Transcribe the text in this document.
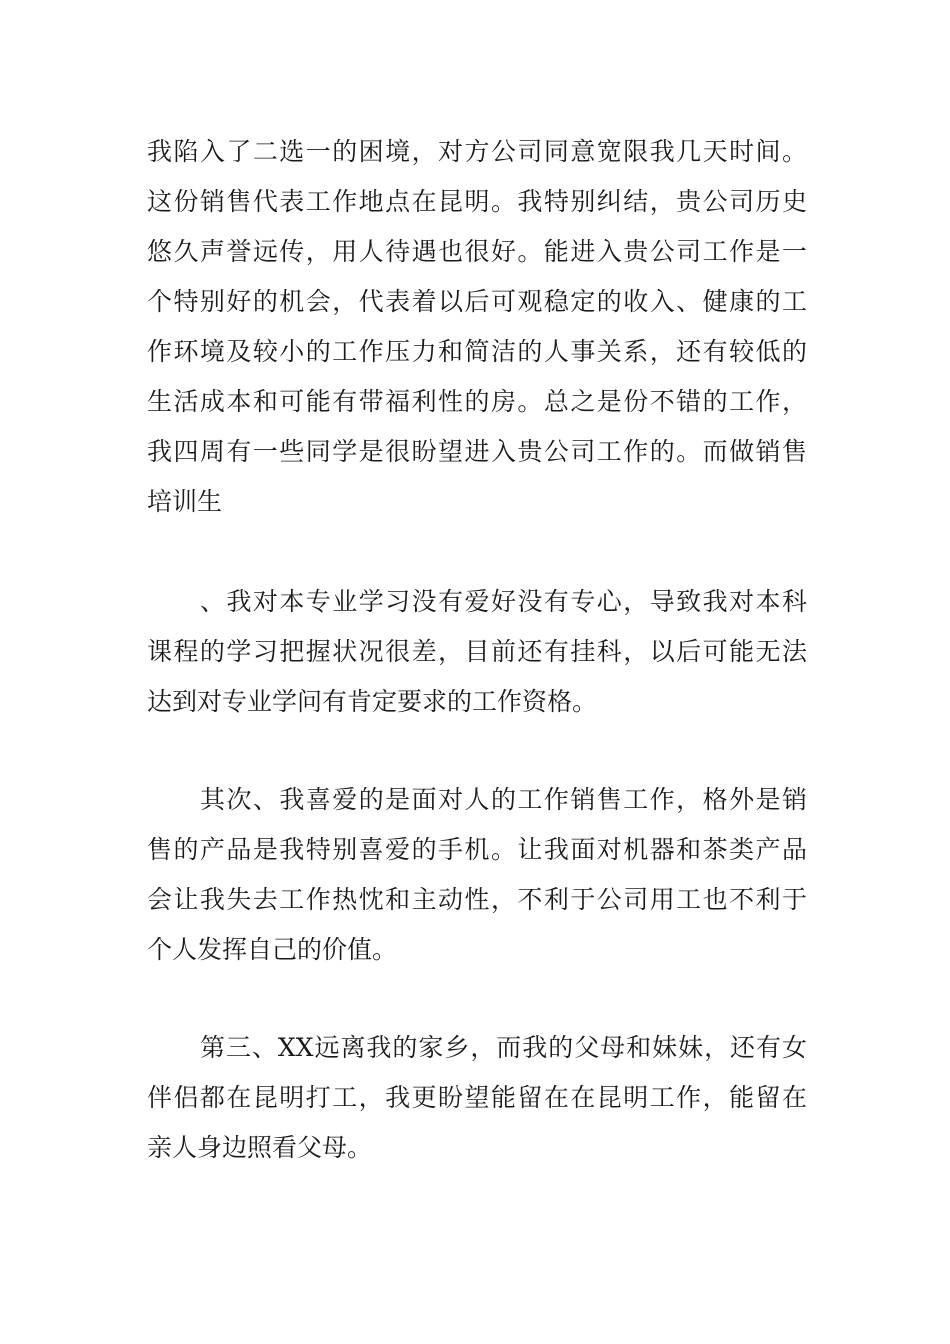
我陷入了二选一的困境，对方公司同意宽限我几天时间。
这份销售代表工作地点在昆明。我特别纠结，贵公司历史
悠久声誉远传，用人待遇也很好。能进入贵公司工作是一
个特别好的机会，代表着以后可观稳定的收入、健康的工
作环境及较小的工作压力和简洁的人事关系，还有较低的
生活成本和可能有带福利性的房。总之是份不错的工作，
我四周有一些同学是很盼望进入贵公司工作的。而做销售
培训生
、我对本专业学习没有爱好没有专心，导致我对本科
课程的学习把握状况很差，目前还有挂科，以后可能无法
达到对专业学问有肯定要求的工作资格。
其次、我喜爱的是面对人的工作销售工作，格外是销
售的产品是我特别喜爱的手机。让我面对机器和茶类产品
会让我失去工作热忱和主动性，不利于公司用工也不利于
个人发挥自己的价值。
第三、XX远离我的家乡，而我的父母和妹妹，还有女
伴侣都在昆明打工，我更盼望能留在在昆明工作，能留在
亲人身边照看父母。
